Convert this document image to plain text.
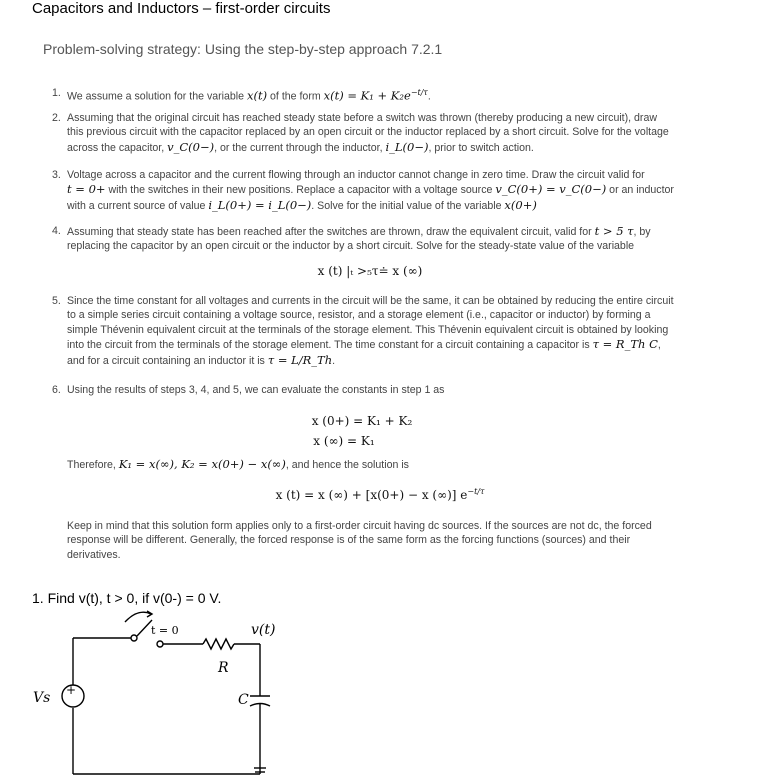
Capacitors and Inductors – first-order circuits
Problem-solving strategy: Using the step-by-step approach 7.2.1
1. We assume a solution for the variable x(t) of the form $x(t) = K_1 + K_2e^{-t/\tau}$.
2. Assuming that the original circuit has reached steady state before a switch was thrown (thereby producing a new circuit), draw
this previous circuit with the capacitor replaced by an open circuit or the inductor replaced by a short circuit. Solve for the voltage
across the capacitor, v_C(0−), or the current through the inductor, i_L(0−), prior to switch action.
3. Voltage across a capacitor and the current flowing through an inductor cannot change in zero time. Draw the circuit valid for
t = 0+ with the switches in their new positions. Replace a capacitor with a voltage source v_C(0+) = v_C(0−) or an inductor
with a current source of value i_L(0+) = i_L(0−). Solve for the initial value of the variable x(0+)
4. Assuming that steady state has been reached after the switches are thrown, draw the equivalent circuit, valid for t > 5 τ, by
replacing the capacitor by an open circuit or the inductor by a short circuit. Solve for the steady-state value of the variable
x (t) |ₜ >₅τ≐ x (∞)
5. Since the time constant for all voltages and currents in the circuit will be the same, it can be obtained by reducing the entire circuit
to a simple series circuit containing a voltage source, resistor, and a storage element (i.e., capacitor or inductor) by forming a
simple Thévenin equivalent circuit at the terminals of the storage element. This Thévenin equivalent circuit is obtained by looking
into the circuit from the terminals of the storage element. The time constant for a circuit containing a capacitor is τ = R_Th C,
and for a circuit containing an inductor it is τ = L/R_Th.
6. Using the results of steps 3, 4, and 5, we can evaluate the constants in step 1 as
x (0+) = K₁ + K₂
x (∞) = K₁
Therefore, K₁ = x(∞), K₂ = x(0+) − x(∞), and hence the solution is
x (t) = x (∞) + [x(0+) − x (∞)] $e^{-t/\tau}$
Keep in mind that this solution form applies only to a first-order circuit having dc sources. If the sources are not dc, the forced
response will be different. Generally, the forced response is of the same form as the forcing functions (sources) and their
derivatives.
1. Find v(t), t > 0, if v(0-) = 0 V.
+
Vs
t = 0
R
C
v(t)
